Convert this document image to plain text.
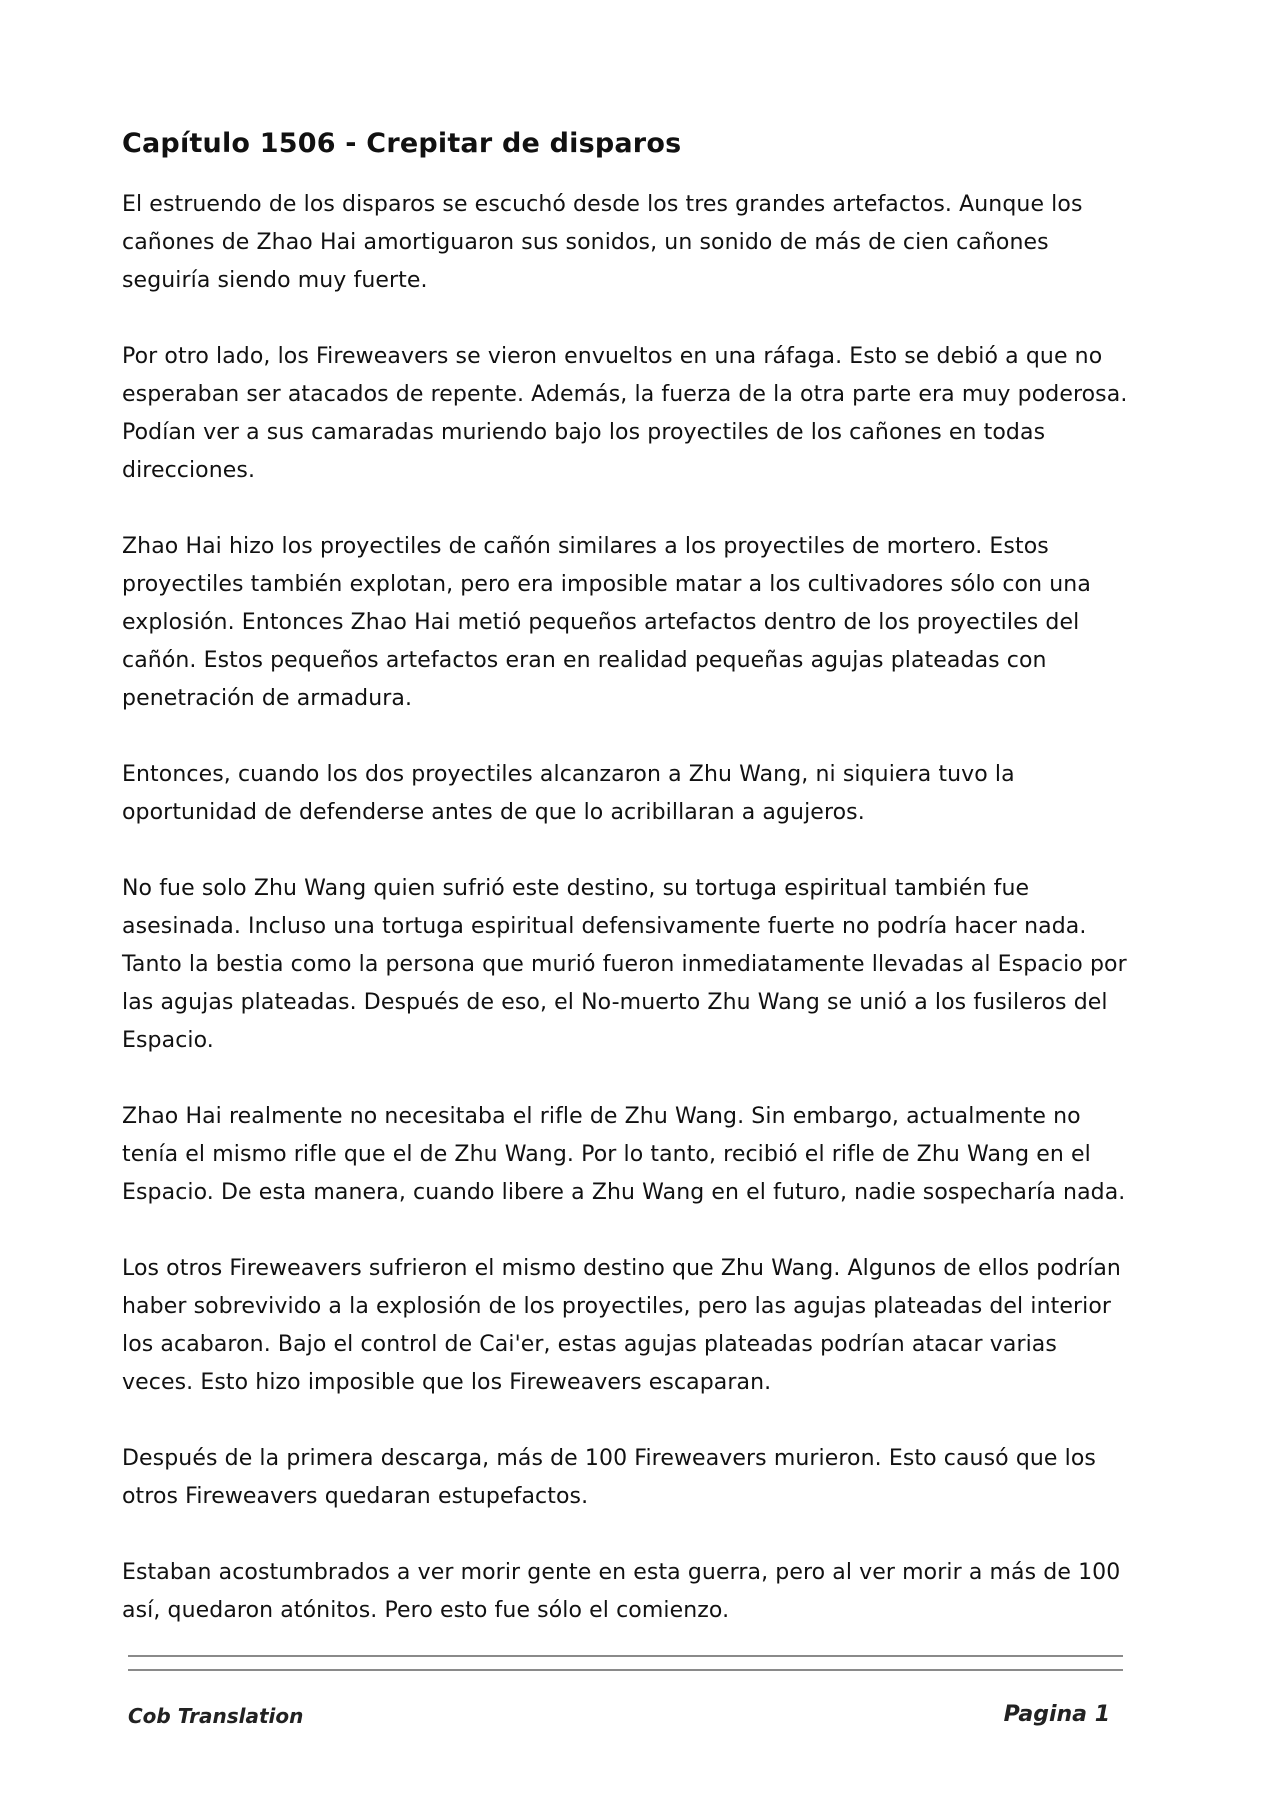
Capítulo 1506 - Crepitar de disparos

El estruendo de los disparos se escuchó desde los tres grandes artefactos. Aunque los cañones de Zhao Hai amortiguaron sus sonidos, un sonido de más de cien cañones seguiría siendo muy fuerte.

Por otro lado, los Fireweavers se vieron envueltos en una ráfaga. Esto se debió a que no esperaban ser atacados de repente. Además, la fuerza de la otra parte era muy poderosa. Podían ver a sus camaradas muriendo bajo los proyectiles de los cañones en todas direcciones.

Zhao Hai hizo los proyectiles de cañón similares a los proyectiles de mortero. Estos proyectiles también explotan, pero era imposible matar a los cultivadores sólo con una explosión. Entonces Zhao Hai metió pequeños artefactos dentro de los proyectiles del cañón. Estos pequeños artefactos eran en realidad pequeñas agujas plateadas con penetración de armadura.

Entonces, cuando los dos proyectiles alcanzaron a Zhu Wang, ni siquiera tuvo la oportunidad de defenderse antes de que lo acribillaran a agujeros.

No fue solo Zhu Wang quien sufrió este destino, su tortuga espiritual también fue asesinada. Incluso una tortuga espiritual defensivamente fuerte no podría hacer nada. Tanto la bestia como la persona que murió fueron inmediatamente llevadas al Espacio por las agujas plateadas. Después de eso, el No-muerto Zhu Wang se unió a los fusileros del Espacio.

Zhao Hai realmente no necesitaba el rifle de Zhu Wang. Sin embargo, actualmente no tenía el mismo rifle que el de Zhu Wang. Por lo tanto, recibió el rifle de Zhu Wang en el Espacio. De esta manera, cuando libere a Zhu Wang en el futuro, nadie sospecharía nada.

Los otros Fireweavers sufrieron el mismo destino que Zhu Wang. Algunos de ellos podrían haber sobrevivido a la explosión de los proyectiles, pero las agujas plateadas del interior los acabaron. Bajo el control de Cai'er, estas agujas plateadas podrían atacar varias veces. Esto hizo imposible que los Fireweavers escaparan.

Después de la primera descarga, más de 100 Fireweavers murieron. Esto causó que los otros Fireweavers quedaran estupefactos.

Estaban acostumbrados a ver morir gente en esta guerra, pero al ver morir a más de 100 así, quedaron atónitos. Pero esto fue sólo el comienzo.

Cob Translation	Pagina 1
